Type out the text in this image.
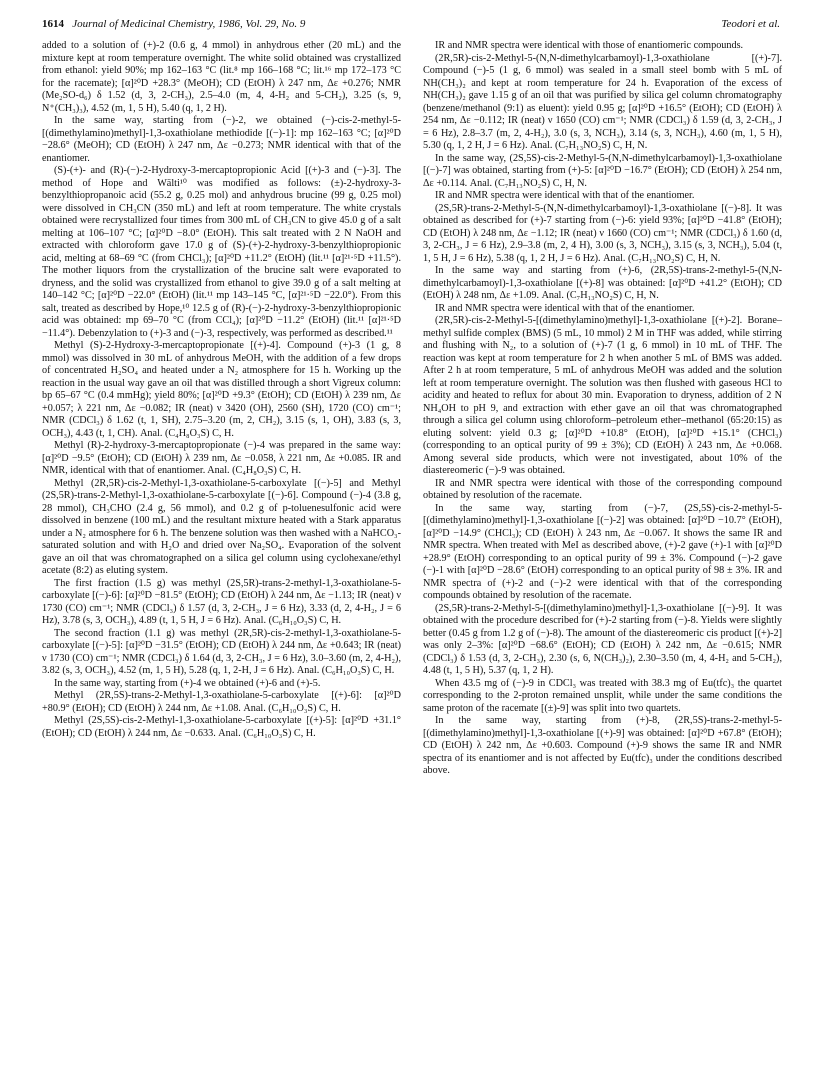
1614 Journal of Medicinal Chemistry, 1986, Vol. 29, No. 9	Teodori et al.

added to a solution of (+)-2 (0.6 g, 4 mmol) in anhydrous ether (20 mL) and the mixture kept at room temperature overnight. The white solid obtained was crystallized from ethanol: yield 90%; mp 162–163 °C (lit.⁸ mp 166–168 °C; lit.¹⁶ mp 172–173 °C for the racemate); [α]²⁰D +28.3° (MeOH); CD (EtOH) λ 247 nm, Δε +0.276; NMR (Me₂SO-d₆) δ 1.52 (d, 3, 2-CH₃), 2.5–4.0 (m, 4, 4-H₂ and 5-CH₂), 3.25 (s, 9, N⁺(CH₃)₃), 4.52 (m, 1, 5 H), 5.40 (q, 1, 2 H).

In the same way, starting from (−)-2, we obtained (−)-cis-2-methyl-5-[(dimethylamino)methyl]-1,3-oxathiolane methiodide [(−)-1]: mp 162–163 °C; [α]²⁰D −28.6° (MeOH); CD (EtOH) λ 247 nm, Δε −0.273; NMR identical with that of the enantiomer.

(S)-(+)- and (R)-(−)-2-Hydroxy-3-mercaptopropionic Acid [(+)-3 and (−)-3]. The method of Hope and Wälti¹⁰ was modified as follows: (±)-2-hydroxy-3-benzylthiopropanoic acid (55.2 g, 0.25 mol) and anhydrous brucine (99 g, 0.25 mol) were dissolved in CH₃CN (350 mL) and left at room temperature. The white crystals obtained were recrystallized four times from 300 mL of CH₃CN to give 45.0 g of a salt melting at 106–107 °C; [α]²⁰D −8.0° (EtOH). This salt treated with 2 N NaOH and extracted with chloroform gave 17.0 g of (S)-(+)-2-hydroxy-3-benzylthiopropionic acid, melting at 68–69 °C (from CHCl₃); [α]²⁰D +11.2° (EtOH) (lit.¹¹ [α]²¹·⁵D +11.5°). The mother liquors from the crystallization of the brucine salt were evaporated to dryness, and the solid was crystallized from ethanol to give 39.0 g of a salt melting at 140–142 °C; [α]²⁰D −22.0° (EtOH) (lit.¹¹ mp 143–145 °C, [α]²¹·⁵D −22.0°). From this salt, treated as described by Hope,¹⁰ 12.5 g of (R)-(−)-2-hydroxy-3-benzylthiopropionic acid was obtained: mp 69–70 °C (from CCl₄); [α]²⁰D −11.2° (EtOH) (lit.¹¹ [α]²¹·⁵D −11.4°). Debenzylation to (+)-3 and (−)-3, respectively, was performed as described.¹¹

Methyl (S)-2-Hydroxy-3-mercaptopropionate [(+)-4]. Compound (+)-3 (1 g, 8 mmol) was dissolved in 30 mL of anhydrous MeOH, with the addition of a few drops of concentrated H₂SO₄ and heated under a N₂ atmosphere for 15 h. Working up the reaction in the usual way gave an oil that was distilled through a short Vigreux column: bp 65–67 °C (0.4 mmHg); yield 80%; [α]²⁰D +9.3° (EtOH); CD (EtOH) λ 239 nm, Δε +0.057; λ 221 nm, Δε −0.082; IR (neat) ν 3420 (OH), 2560 (SH), 1720 (CO) cm⁻¹; NMR (CDCl₃) δ 1.62 (t, 1, SH), 2.75–3.20 (m, 2, CH₂), 3.15 (s, 1, OH), 3.83 (s, 3, OCH₃), 4.43 (t, 1, CH). Anal. (C₄H₈O₃S) C, H.

Methyl (R)-2-hydroxy-3-mercaptopropionate (−)-4 was prepared in the same way: [α]²⁰D −9.5° (EtOH); CD (EtOH) λ 239 nm, Δε −0.058, λ 221 nm, Δε +0.085. IR and NMR, identical with that of enantiomer. Anal. (C₄H₈O₃S) C, H.

Methyl (2R,5R)-cis-2-Methyl-1,3-oxathiolane-5-carboxylate [(−)-5] and Methyl (2S,5R)-trans-2-Methyl-1,3-oxathiolane-5-carboxylate [(−)-6]. Compound (−)-4 (3.8 g, 28 mmol), CH₃CHO (2.4 g, 56 mmol), and 0.2 g of p-toluenesulfonic acid were dissolved in benzene (100 mL) and the resultant mixture heated with a Stark apparatus under a N₂ atmosphere for 6 h. The benzene solution was then washed with a NaHCO₃-saturated solution and with H₂O and dried over Na₂SO₄. Evaporation of the solvent gave an oil that was chromatographed on a silica gel column using cyclohexane/ethyl acetate (8:2) as eluting system.

The first fraction (1.5 g) was methyl (2S,5R)-trans-2-methyl-1,3-oxathiolane-5-carboxylate [(−)-6]: [α]²⁰D −81.5° (EtOH); CD (EtOH) λ 244 nm, Δε −1.13; IR (neat) ν 1730 (CO) cm⁻¹; NMR (CDCl₃) δ 1.57 (d, 3, 2-CH₃, J = 6 Hz), 3.33 (d, 2, 4-H₂, J = 6 Hz), 3.78 (s, 3, OCH₃), 4.89 (t, 1, 5 H, J = 6 Hz). Anal. (C₆H₁₀O₃S) C, H.

The second fraction (1.1 g) was methyl (2R,5R)-cis-2-methyl-1,3-oxathiolane-5-carboxylate [(−)-5]: [α]²⁰D −31.5° (EtOH); CD (EtOH) λ 244 nm, Δε +0.643; IR (neat) ν 1730 (CO) cm⁻¹; NMR (CDCl₃) δ 1.64 (d, 3, 2-CH₃, J = 6 Hz), 3.0–3.60 (m, 2, 4-H₂), 3.82 (s, 3, OCH₃), 4.52 (m, 1, 5 H), 5.28 (q, 1, 2-H, J = 6 Hz). Anal. (C₆H₁₀O₃S) C, H.

In the same way, starting from (+)-4 we obtained (+)-6 and (+)-5.

Methyl (2R,5S)-trans-2-Methyl-1,3-oxathiolane-5-carboxylate [(+)-6]: [α]²⁰D +80.9° (EtOH); CD (EtOH) λ 244 nm, Δε +1.08. Anal. (C₆H₁₀O₃S) C, H.

Methyl (2S,5S)-cis-2-Methyl-1,3-oxathiolane-5-carboxylate [(+)-5]: [α]²⁰D +31.1° (EtOH); CD (EtOH) λ 244 nm, Δε −0.633. Anal. (C₆H₁₀O₃S) C, H.

IR and NMR spectra were identical with those of enantiomeric compounds.

(2R,5R)-cis-2-Methyl-5-(N,N-dimethylcarbamoyl)-1,3-oxathiolane [(+)-7]. Compound (−)-5 (1 g, 6 mmol) was sealed in a small steel bomb with 5 mL of NH(CH₃)₂ and kept at room temperature for 24 h. Evaporation of the excess of NH(CH₃)₂ gave 1.15 g of an oil that was purified by silica gel column chromatography (benzene/methanol (9:1) as eluent): yield 0.95 g; [α]²⁰D +16.5° (EtOH); CD (EtOH) λ 254 nm, Δε −0.112; IR (neat) ν 1650 (CO) cm⁻¹; NMR (CDCl₃) δ 1.59 (d, 3, 2-CH₃, J = 6 Hz), 2.8–3.7 (m, 2, 4-H₂), 3.0 (s, 3, NCH₃), 3.14 (s, 3, NCH₃), 4.60 (m, 1, 5 H), 5.30 (q, 1, 2 H, J = 6 Hz). Anal. (C₇H₁₃NO₂S) C, H, N.

In the same way, (2S,5S)-cis-2-Methyl-5-(N,N-dimethylcarbamoyl)-1,3-oxathiolane [(−)-7] was obtained, starting from (+)-5: [α]²⁰D −16.7° (EtOH); CD (EtOH) λ 254 nm, Δε +0.114. Anal. (C₇H₁₃NO₂S) C, H, N.

IR and NMR spectra were identical with that of the enantiomer.

(2S,5R)-trans-2-Methyl-5-(N,N-dimethylcarbamoyl)-1,3-oxathiolane [(−)-8]. It was obtained as described for (+)-7 starting from (−)-6: yield 93%; [α]²⁰D −41.8° (EtOH); CD (EtOH) λ 248 nm, Δε −1.12; IR (neat) ν 1660 (CO) cm⁻¹; NMR (CDCl₃) δ 1.60 (d, 3, 2-CH₃, J = 6 Hz), 2.9–3.8 (m, 2, 4 H), 3.00 (s, 3, NCH₃), 3.15 (s, 3, NCH₃), 5.04 (t, 1, 5 H, J = 6 Hz), 5.38 (q, 1, 2 H, J = 6 Hz). Anal. (C₇H₁₃NO₂S) C, H, N.

In the same way and starting from (+)-6, (2R,5S)-trans-2-methyl-5-(N,N-dimethylcarbamoyl)-1,3-oxathiolane [(+)-8] was obtained: [α]²⁰D +41.2° (EtOH); CD (EtOH) λ 248 nm, Δε +1.09. Anal. (C₇H₁₃NO₂S) C, H, N.

IR and NMR spectra were identical with that of the enantiomer.

(2R,5R)-cis-2-Methyl-5-[(dimethylamino)methyl]-1,3-oxathiolane [(+)-2]. Borane–methyl sulfide complex (BMS) (5 mL, 10 mmol) 2 M in THF was added, while stirring and flushing with N₂, to a solution of (+)-7 (1 g, 6 mmol) in 10 mL of THF. The reaction was kept at room temperature for 2 h when another 5 mL of BMS was added. After 2 h at room temperature, 5 mL of anhydrous MeOH was added and the solution left at room temperature overnight. The solution was then flushed with gaseous HCl to acidity and heated to reflux for about 30 min. Evaporation to dryness, addition of 2 N NH₄OH to pH 9, and extraction with ether gave an oil that was chromatographed through a silica gel column using chloroform–petroleum ether–methanol (65:20:15) as eluting solvent: yield 0.3 g; [α]²⁰D +10.8° (EtOH), [α]²⁰D +15.1° (CHCl₃) (corresponding to an optical purity of 99 ± 3%); CD (EtOH) λ 243 nm, Δε +0.068. Among several side products, which were not investigated, about 10% of the diastereomeric (−)-9 was obtained.

IR and NMR spectra were identical with those of the corresponding compound obtained by resolution of the racemate.

In the same way, starting from (−)-7, (2S,5S)-cis-2-methyl-5-[(dimethylamino)methyl]-1,3-oxathiolane [(−)-2] was obtained: [α]²⁰D −10.7° (EtOH), [α]²⁰D −14.9° (CHCl₃); CD (EtOH) λ 243 nm, Δε −0.067. It shows the same IR and NMR spectra. When treated with MeI as described above, (+)-2 gave (+)-1 with [α]²⁰D +28.9° (EtOH) corresponding to an optical purity of 99 ± 3%. Compound (−)-2 gave (−)-1 with [α]²⁰D −28.6° (EtOH) corresponding to an optical purity of 98 ± 3%. IR and NMR spectra of (+)-2 and (−)-2 were identical with that of the corresponding compounds obtained by resolution of the racemate.

(2S,5R)-trans-2-Methyl-5-[(dimethylamino)methyl]-1,3-oxathiolane [(−)-9]. It was obtained with the procedure described for (+)-2 starting from (−)-8. Yields were slightly better (0.45 g from 1.2 g of (−)-8). The amount of the diastereomeric cis product [(+)-2] was only 2–3%: [α]²⁰D −68.6° (EtOH); CD (EtOH) λ 242 nm, Δε −0.615; NMR (CDCl₃) δ 1.53 (d, 3, 2-CH₃), 2.30 (s, 6, N(CH₃)₂), 2.30–3.50 (m, 4, 4-H₂ and 5-CH₂), 4.48 (t, 1, 5 H), 5.37 (q, 1, 2 H).

When 43.5 mg of (−)-9 in CDCl₃ was treated with 38.3 mg of Eu(tfc)₃ the quartet corresponding to the 2-proton remained unsplit, while under the same conditions the same proton of the racemate [(±)-9] was split into two quartets.

In the same way, starting from (+)-8, (2R,5S)-trans-2-methyl-5-[(dimethylamino)methyl]-1,3-oxathiolane [(+)-9] was obtained: [α]²⁰D +67.8° (EtOH); CD (EtOH) λ 242 nm, Δε +0.603. Compound (+)-9 shows the same IR and NMR spectra of its enantiomer and is not affected by Eu(tfc)₃ under the conditions described above.
